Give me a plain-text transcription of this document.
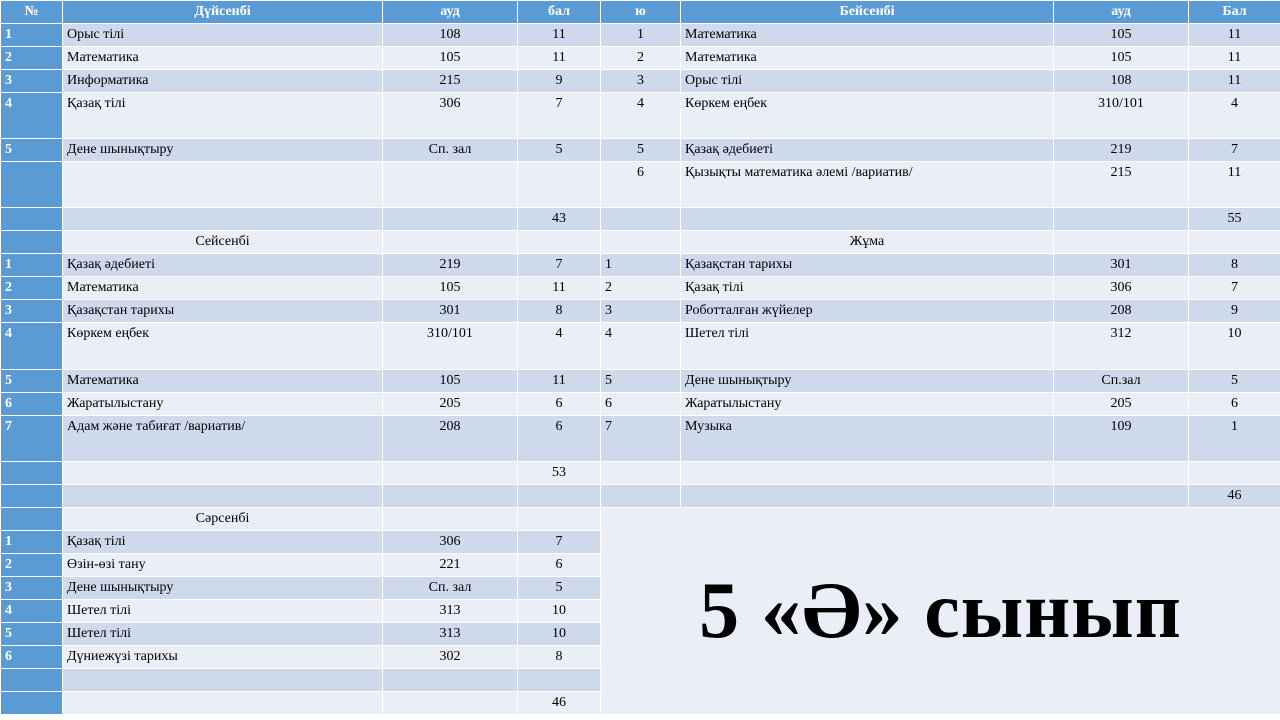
№	Дүйсенбі	ауд	бал	ю	Бейсенбі	ауд	Бал
1	Орыс тілі	108	11	1	Математика	105	11
2	Математика	105	11	2	Математика	105	11
3	Информатика	215	9	3	Орыс тілі	108	11
4	Қазақ тілі	306	7	4	Көркем еңбек	310/101	4
5	Дене шынықтыру	Сп. зал	5	5	Қазақ әдебиеті	219	7
				6	Қызықты математика әлемі /вариатив/	215	11
			43				55
	Сейсенбі				Жұма		
1	Қазақ әдебиеті	219	7	1	Қазақстан тарихы	301	8
2	Математика	105	11	2	Қазақ тілі	306	7
3	Қазақстан тарихы	301	8	3	Роботталған жүйелер	208	9
4	Көркем еңбек	310/101	4	4	Шетел тілі	312	10
5	Математика	105	11	5	Дене шынықтыру	Сп.зал	5
6	Жаратылыстану	205	6	6	Жаратылыстану	205	6
7	Адам және табиғат /вариатив/	208	6	7	Музыка	109	1
			53				
							46
	Сәрсенбі			5 «Ә» сынып			
1	Қазақ тілі	306	7				
2	Өзін-өзі тану	221	6				
3	Дене шынықтыру	Сп. зал	5				
4	Шетел тілі	313	10				
5	Шетел тілі	313	10				
6	Дүниежүзі тарихы	302	8				

			46				
